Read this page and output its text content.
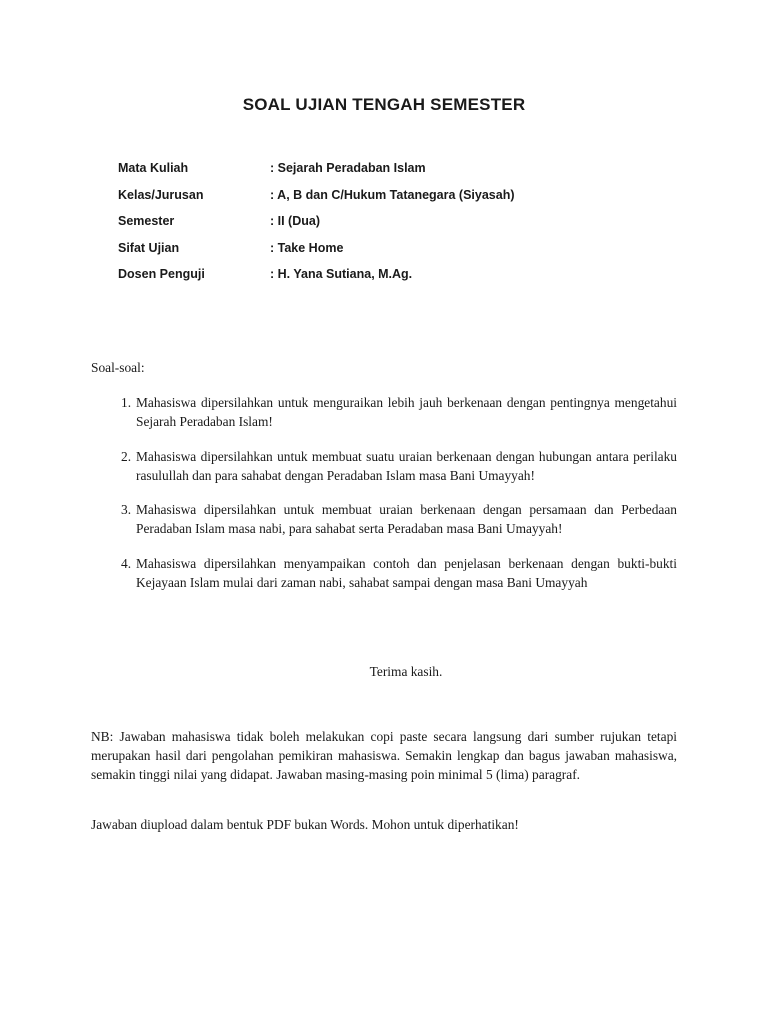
SOAL UJIAN TENGAH SEMESTER
Mata Kuliah	: Sejarah Peradaban Islam
Kelas/Jurusan	: A, B dan C/Hukum Tatanegara (Siyasah)
Semester	: II (Dua)
Sifat Ujian	: Take Home
Dosen Penguji	: H. Yana Sutiana, M.Ag.

Soal-soal:

1. Mahasiswa dipersilahkan untuk menguraikan lebih jauh berkenaan dengan pentingnya mengetahui Sejarah Peradaban Islam!

2. Mahasiswa dipersilahkan untuk membuat suatu uraian berkenaan dengan hubungan antara perilaku rasulullah dan para sahabat dengan Peradaban Islam masa Bani Umayyah!

3. Mahasiswa dipersilahkan untuk membuat uraian berkenaan dengan persamaan dan Perbedaan Peradaban Islam masa nabi, para sahabat serta Peradaban masa Bani Umayyah!

4. Mahasiswa dipersilahkan menyampaikan contoh dan penjelasan berkenaan dengan bukti-bukti Kejayaan Islam mulai dari zaman nabi, sahabat sampai dengan masa Bani Umayyah

Terima kasih.

NB: Jawaban mahasiswa tidak boleh melakukan copi paste secara langsung dari sumber rujukan tetapi merupakan hasil dari pengolahan pemikiran mahasiswa. Semakin lengkap dan bagus jawaban mahasiswa, semakin tinggi nilai yang didapat. Jawaban masing-masing poin minimal 5 (lima) paragraf.

Jawaban diupload dalam bentuk PDF bukan Words. Mohon untuk diperhatikan!
